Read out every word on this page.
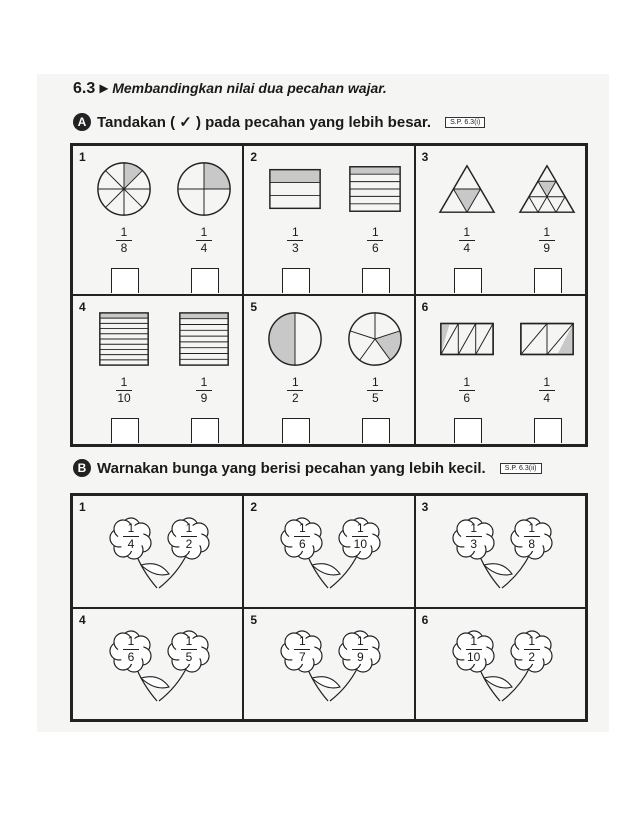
6.3 ▸ Membandingkan nilai dua pecahan wajar.
A Tandakan ( ✓ ) pada pecahan yang lebih besar.	S.P. 6.3(i)
1
1
8
1
4
2
1
3
1
6
3
1
4
1
9
4
1
10
1
9
5
1
2
1
5
6
1
6
1
4
B Warnakan bunga yang berisi pecahan yang lebih kecil.	S.P. 6.3(ii)
1
1
4
1
2
2
1
6
1
10
3
1
3
1
8
4
1
6
1
5
5
1
7
1
9
6
1
10
1
2
